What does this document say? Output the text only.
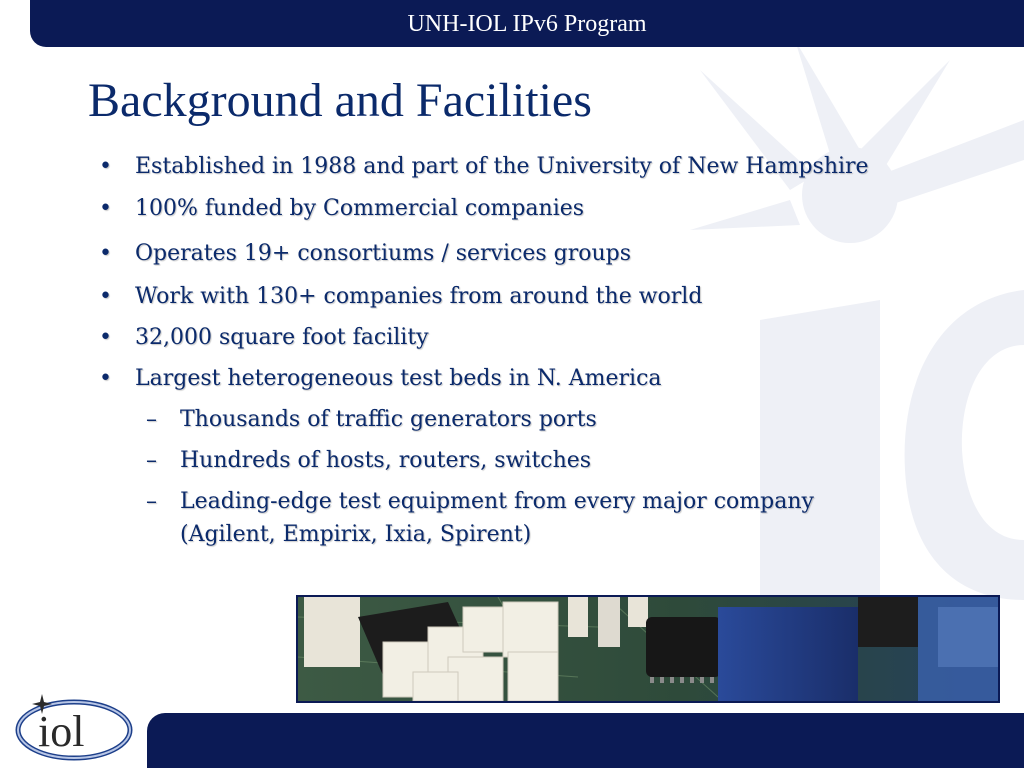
UNH-IOL IPv6 Program
Background and Facilities
• Established in 1988 and part of the University of New Hampshire
• 100% funded by Commercial companies
• Operates 19+ consortiums / services groups
• Work with 130+ companies from around the world
• 32,000 square foot facility
• Largest heterogeneous test beds in N. America
– Thousands of traffic generators ports
– Hundreds of hosts, routers, switches
– Leading-edge test equipment from every major company
(Agilent, Empirix, Ixia, Spirent)
iol
